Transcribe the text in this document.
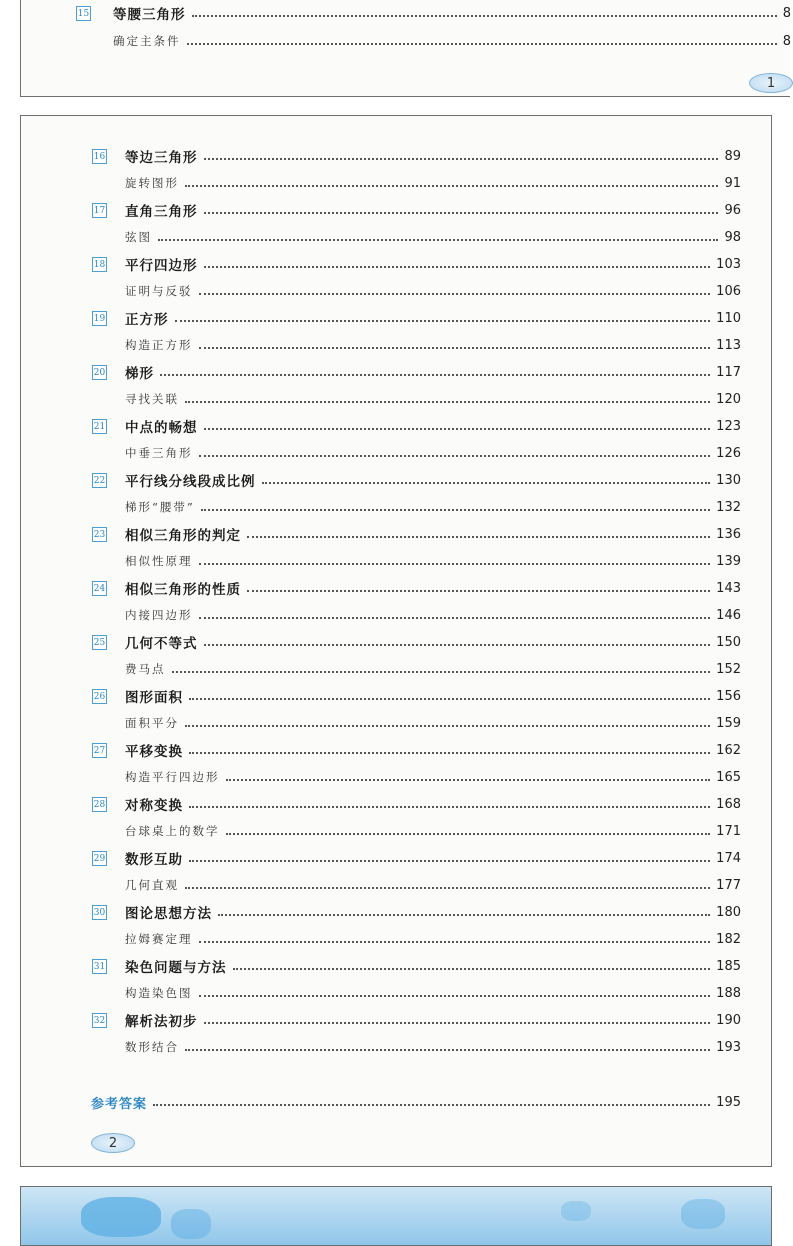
15 等腰三角形	8
确定主条件	8
1
16 等边三角形	89
旋转图形	91
17 直角三角形	96
弦图	98
18 平行四边形	103
证明与反驳	106
19 正方形	110
构造正方形	113
20 梯形	117
寻找关联	120
21 中点的畅想	123
中垂三角形	126
22 平行线分线段成比例	130
梯形“腰带”	132
23 相似三角形的判定	136
相似性原理	139
24 相似三角形的性质	143
内接四边形	146
25 几何不等式	150
费马点	152
26 图形面积	156
面积平分	159
27 平移变换	162
构造平行四边形	165
28 对称变换	168
台球桌上的数学	171
29 数形互助	174
几何直观	177
30 图论思想方法	180
拉姆赛定理	182
31 染色问题与方法	185
构造染色图	188
32 解析法初步	190
数形结合	193
参考答案	195
2
